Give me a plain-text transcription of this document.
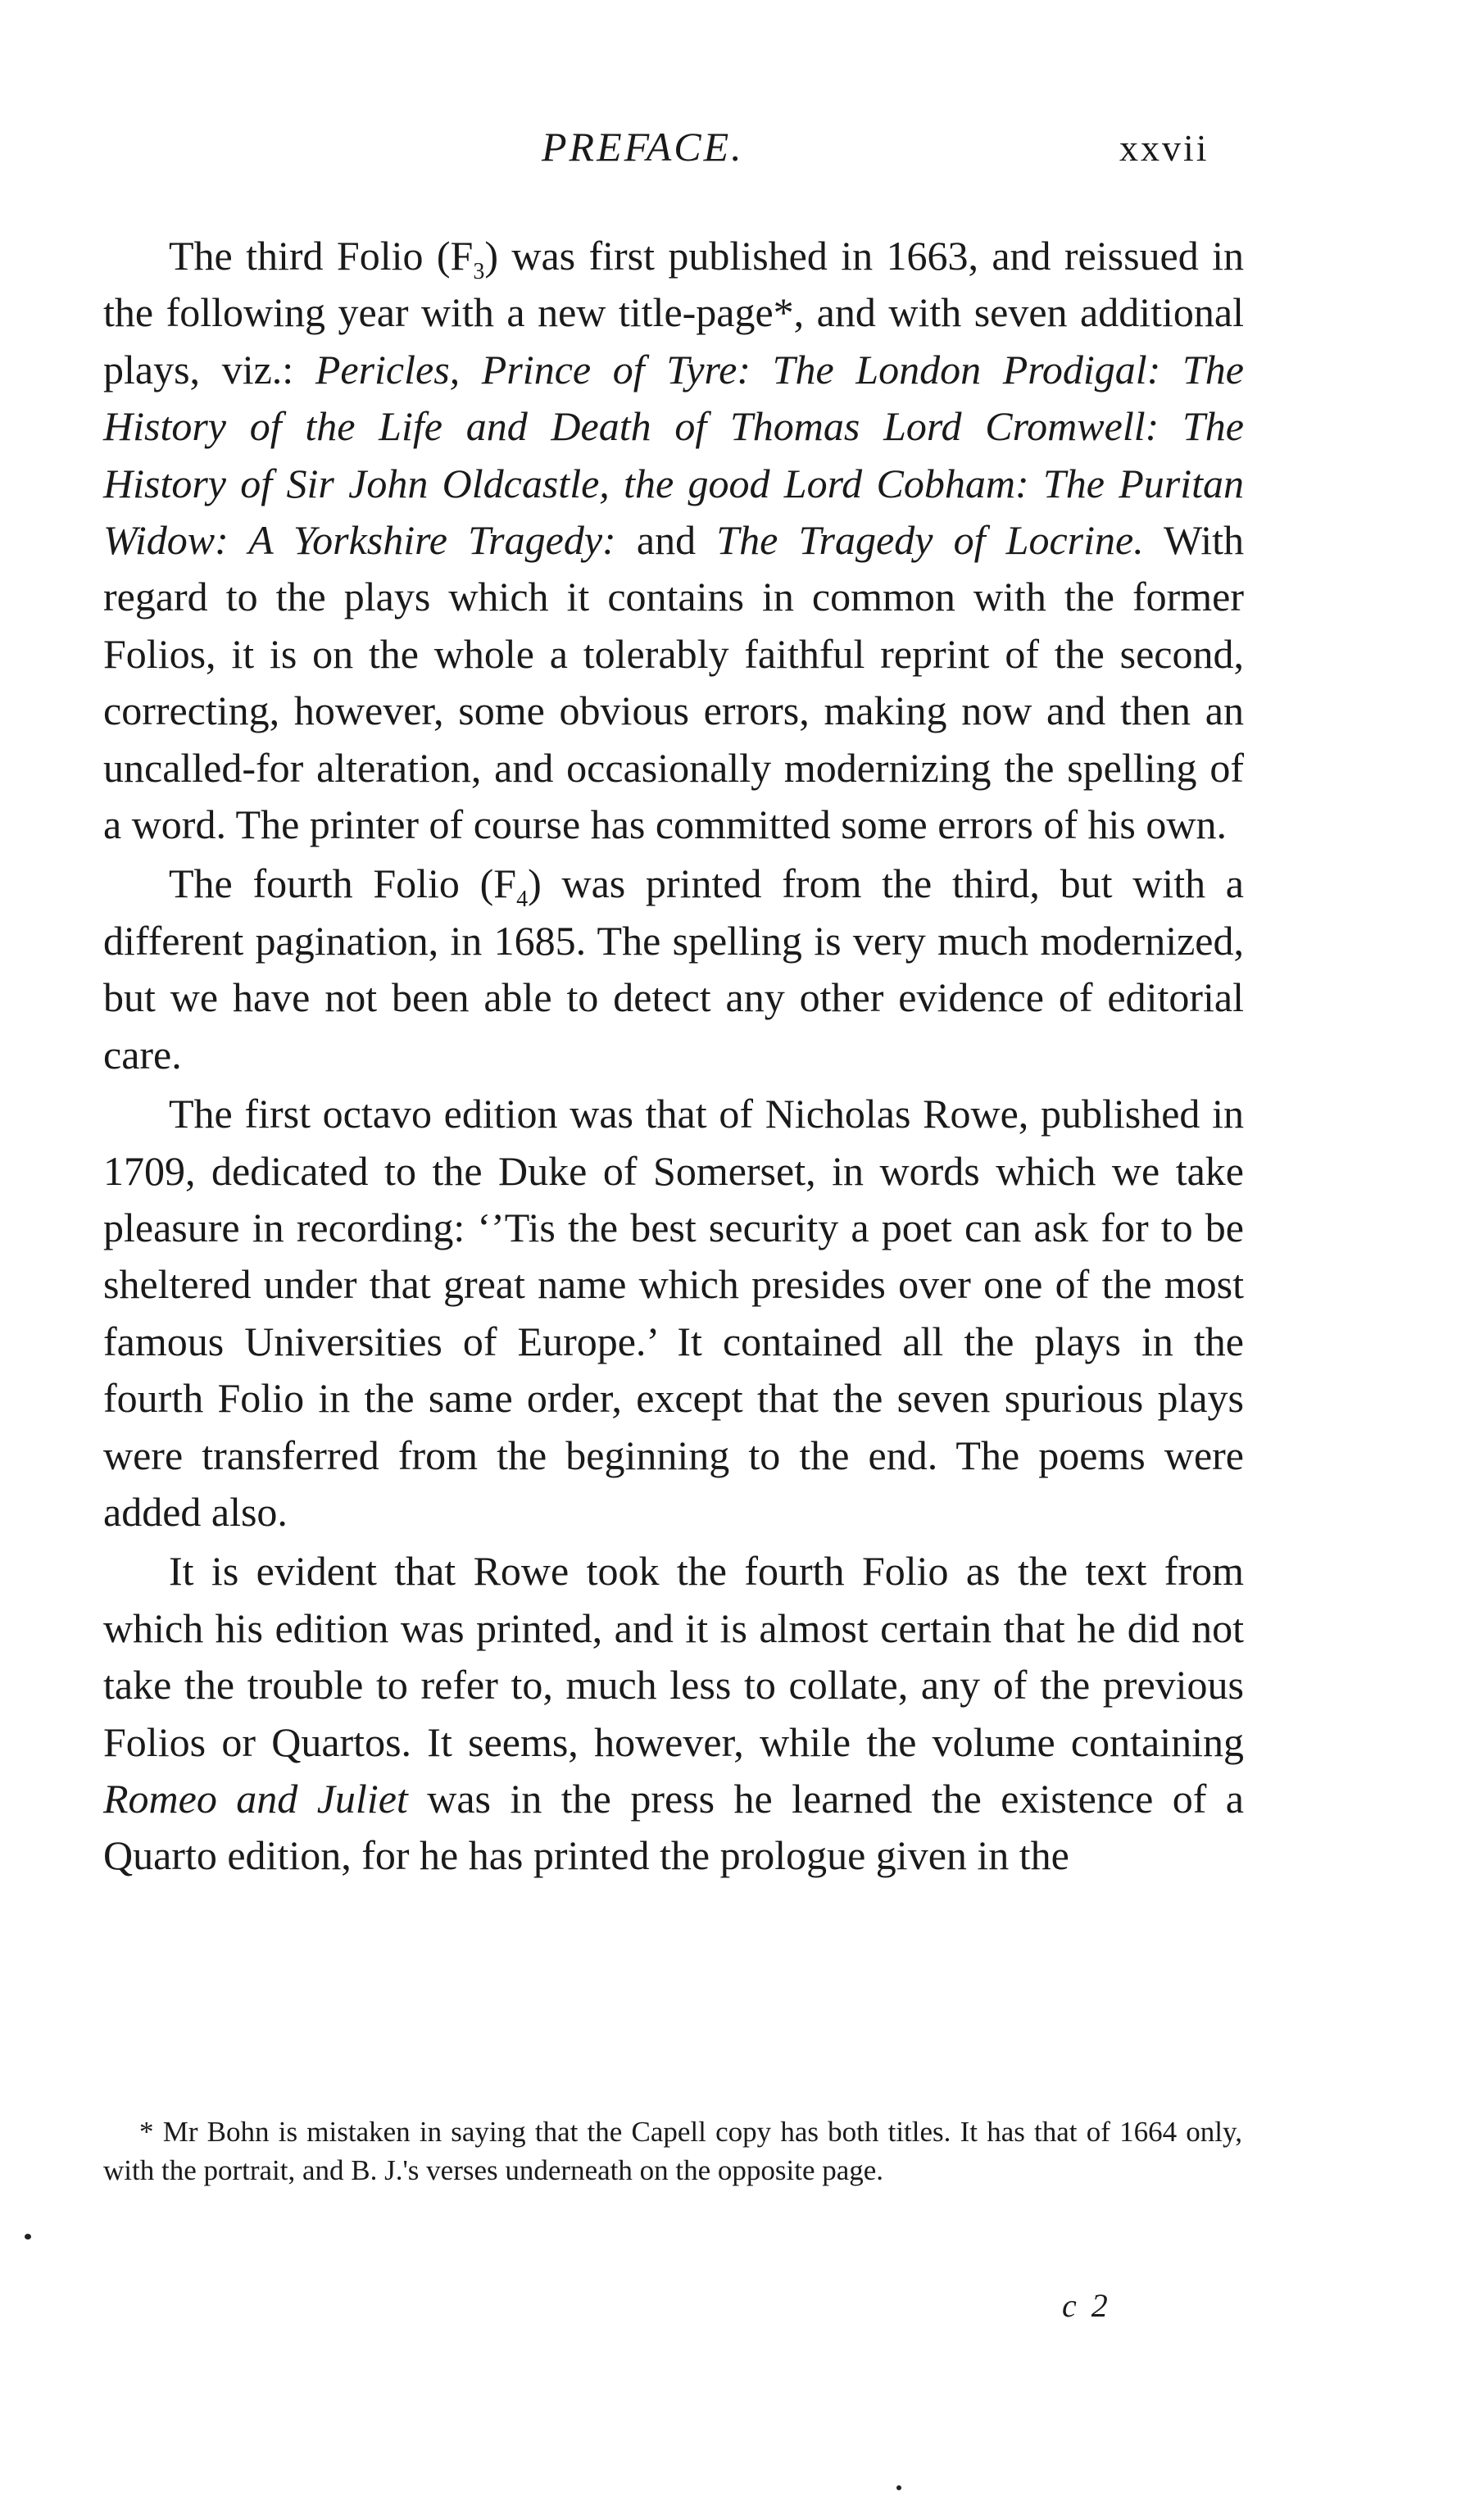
PREFACE.	xxvii

The third Folio $(F_3)$ was first published in 1663, and reissued in the following year with a new title-page*, and with seven additional plays, viz.: Pericles, Prince of Tyre: The London Prodigal: The History of the Life and Death of Thomas Lord Cromwell: The History of Sir John Oldcastle, the good Lord Cobham: The Puritan Widow: A Yorkshire Tragedy: and The Tragedy of Locrine. With regard to the plays which it contains in common with the former Folios, it is on the whole a tolerably faithful reprint of the second, correcting, however, some obvious errors, making now and then an uncalled-for alteration, and occasionally modernizing the spelling of a word. The printer of course has committed some errors of his own.

The fourth Folio $(F_4)$ was printed from the third, but with a different pagination, in 1685. The spelling is very much modernized, but we have not been able to detect any other evidence of editorial care.

The first octavo edition was that of Nicholas Rowe, published in 1709, dedicated to the Duke of Somerset, in words which we take pleasure in recording: ‘’Tis the best security a poet can ask for to be sheltered under that great name which presides over one of the most famous Universities of Europe.’ It contained all the plays in the fourth Folio in the same order, except that the seven spurious plays were transferred from the beginning to the end. The poems were added also.

It is evident that Rowe took the fourth Folio as the text from which his edition was printed, and it is almost certain that he did not take the trouble to refer to, much less to collate, any of the previous Folios or Quartos. It seems, however, while the volume containing Romeo and Juliet was in the press he learned the existence of a Quarto edition, for he has printed the prologue given in the

* Mr Bohn is mistaken in saying that the Capell copy has both titles. It has that of 1664 only, with the portrait, and B. J.'s verses underneath on the opposite page.
c 2
